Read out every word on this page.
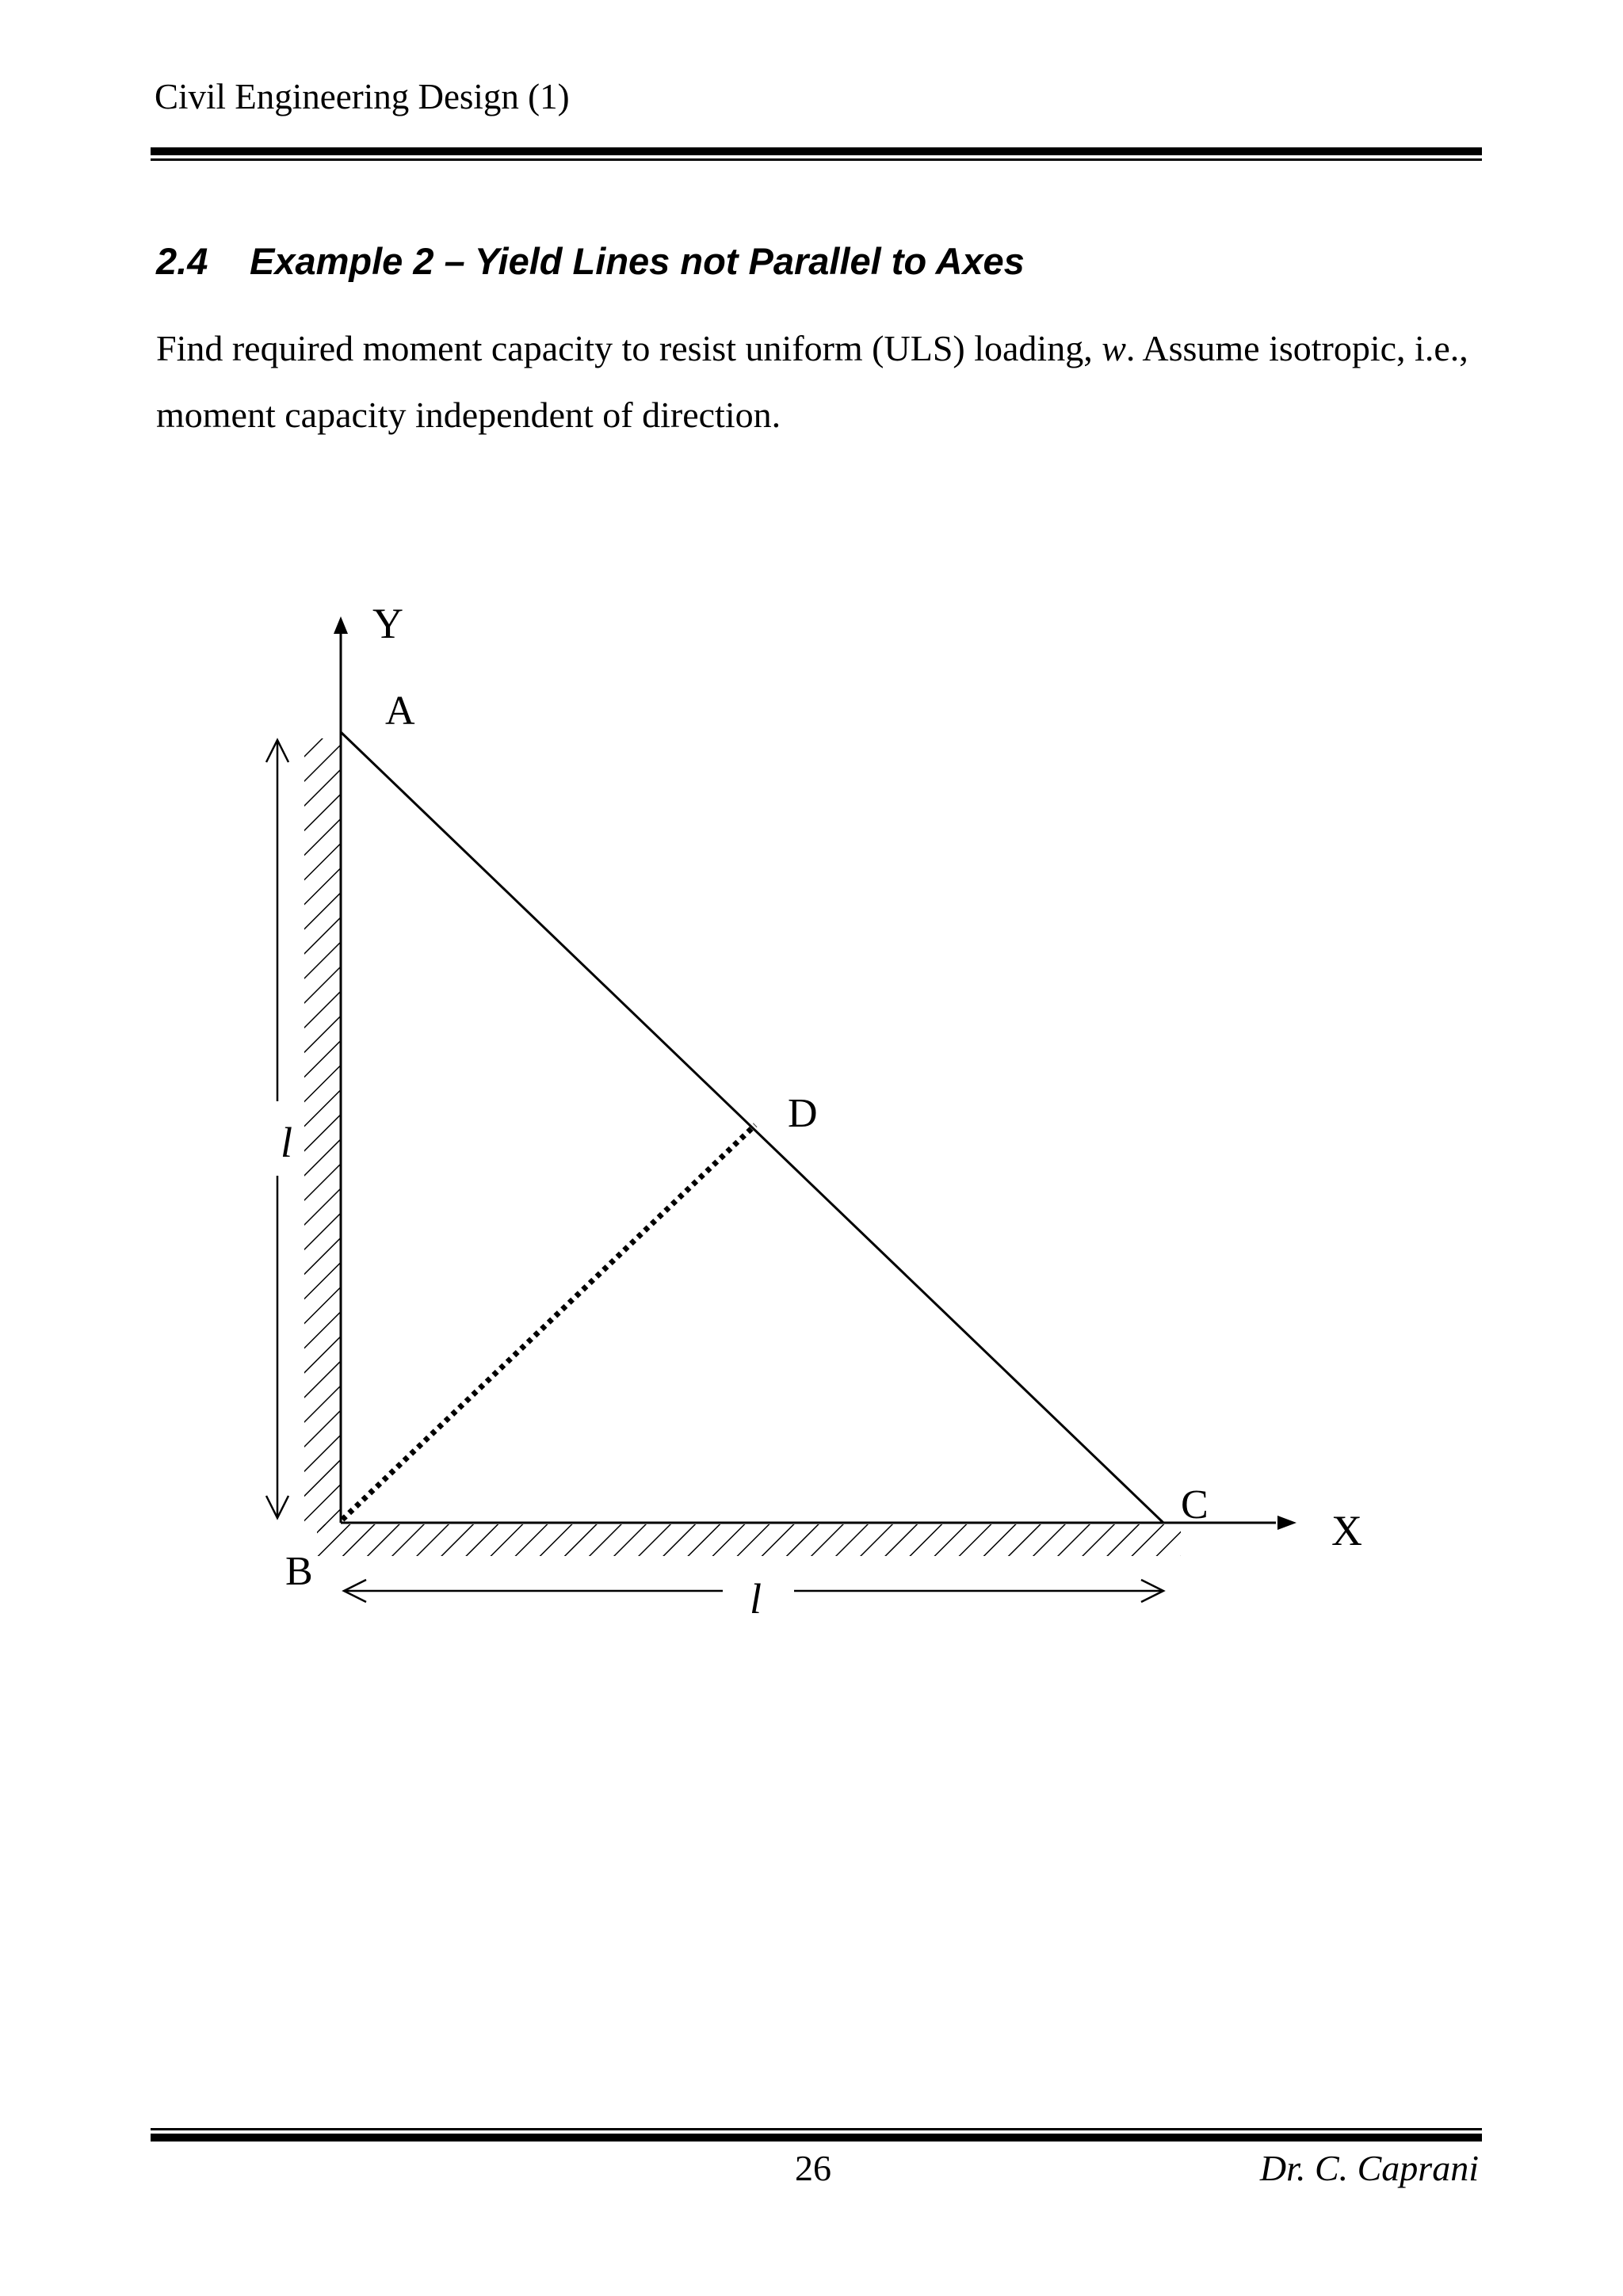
Civil Engineering Design (1)
2.4 Example 2 – Yield Lines not Parallel to Axes
Find required moment capacity to resist uniform (ULS) loading, w. Assume isotropic, i.e., moment capacity independent of direction.
Y
X
A
B
C
D
l
l
26	Dr. C. Caprani
